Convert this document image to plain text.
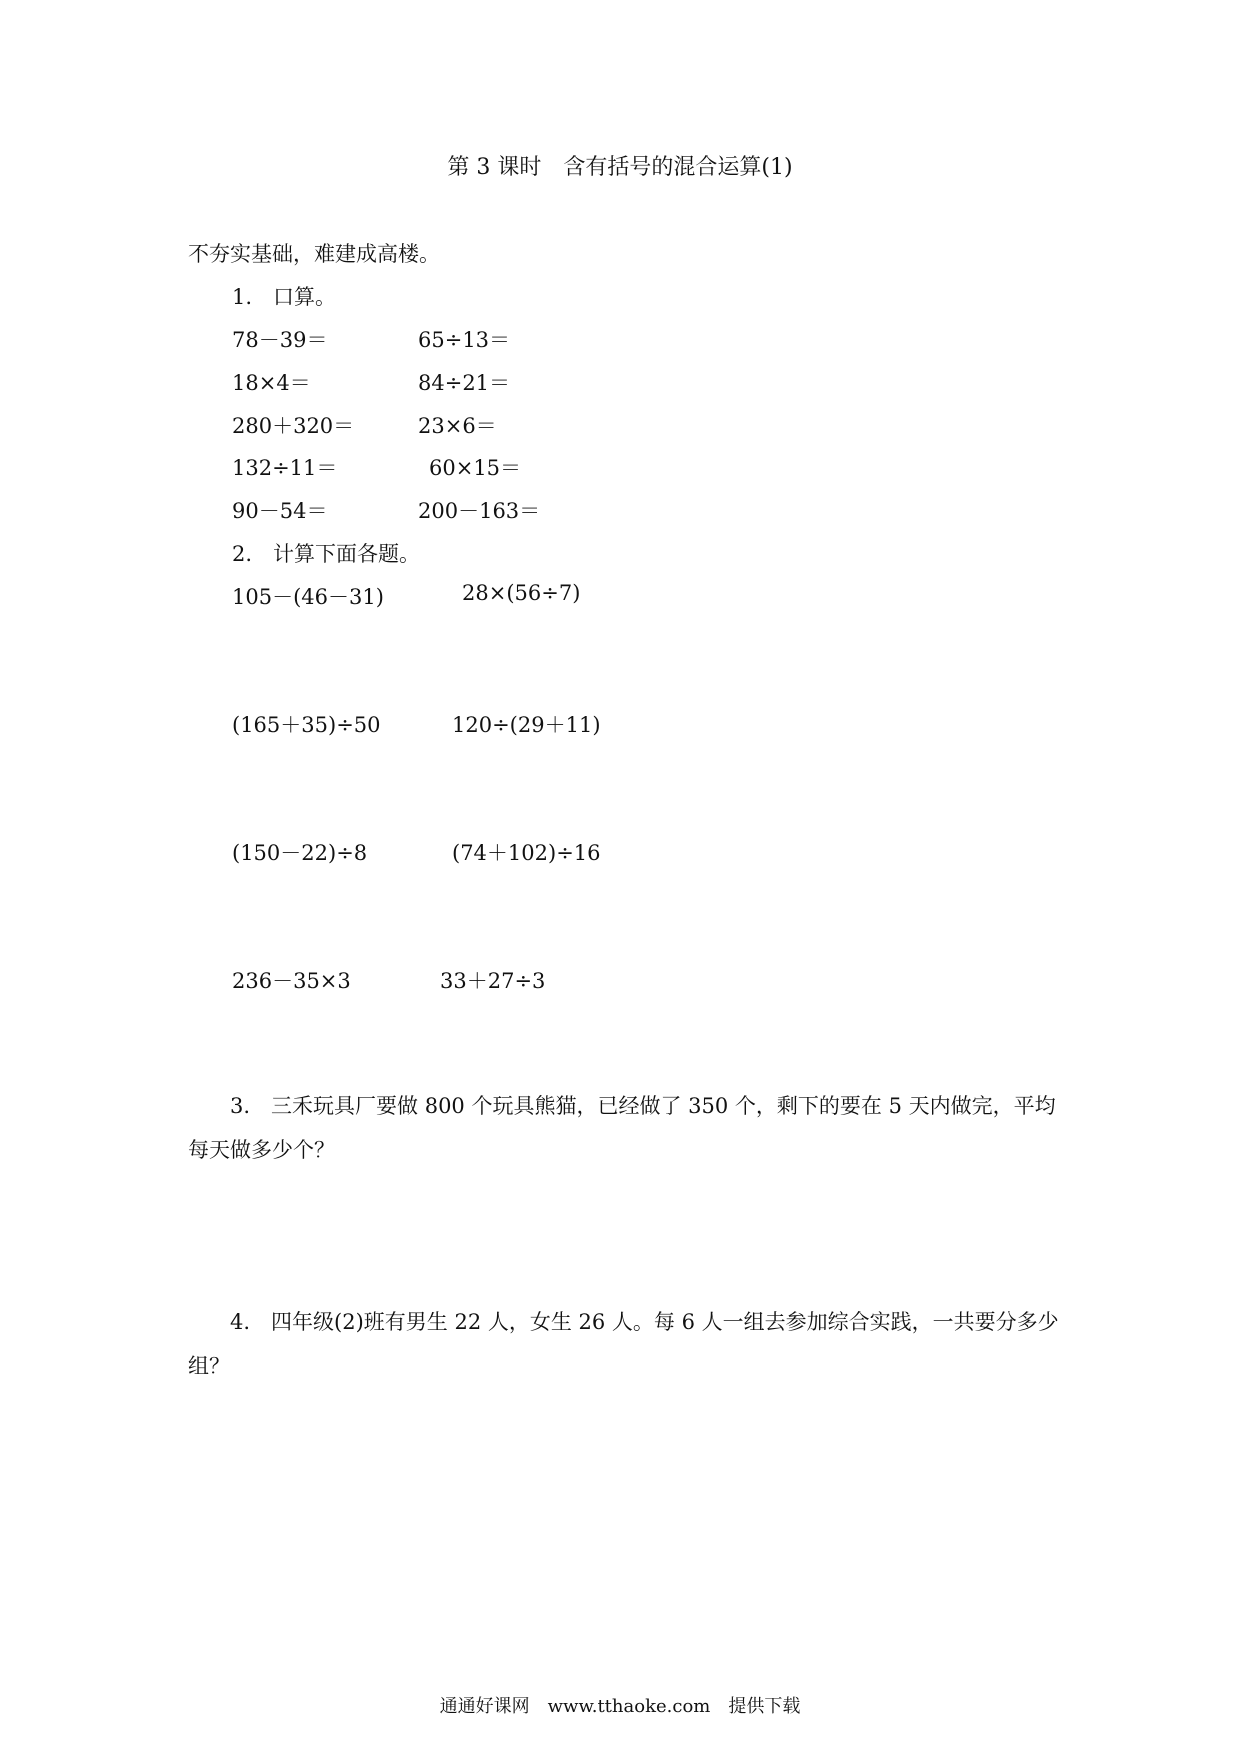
第 3 课时　含有括号的混合运算(1)
不夯实基础，难建成高楼。
1.　口算。
78－39＝	65÷13＝
18×4＝	84÷21＝
280＋320＝	23×6＝
132÷11＝	60×15＝
90－54＝	200－163＝
2.　计算下面各题。
105－(46－31)	28×(56÷7)
(165＋35)÷50	120÷(29＋11)
(150－22)÷8	(74＋102)÷16
236－35×3	33＋27÷3
3.　三禾玩具厂要做 800 个玩具熊猫，已经做了 350 个，剩下的要在 5 天内做完，平均每天做多少个？
4.　四年级(2)班有男生 22 人，女生 26 人。每 6 人一组去参加综合实践，一共要分多少组？
通通好课网　www.tthaoke.com　提供下载
